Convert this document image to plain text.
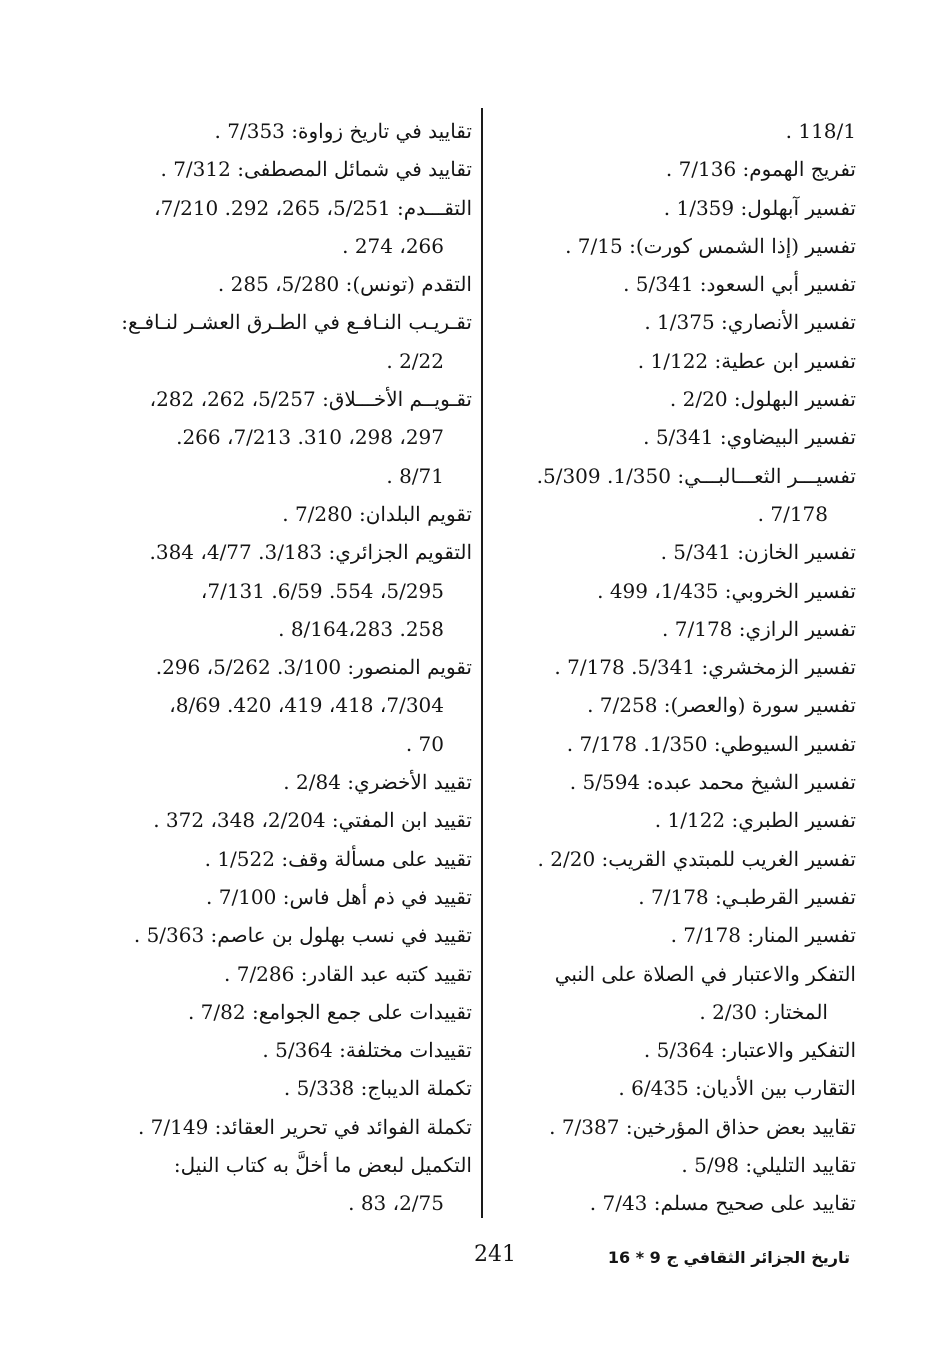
118/1 .
تفريج الهموم: 7/136 .
تفسير آبهلول: 1/359 .
تفسير (إذا الشمس كورت): 7/15 .
تفسير أبي السعود: 5/341 .
تفسير الأنصاري: 1/375 .
تفسير ابن عطية: 1/122 .
تفسير البهلول: 2/20 .
تفسير البيضاوي: 5/341 .
تفسيـــر الثعـــالبـــي: 1/350. 5/309.

7/178 .
تفسير الخازن: 5/341 .
تفسير الخروبي: 1/435، 499 .
تفسير الرازي: 7/178 .
تفسير الزمخشري: 5/341. 7/178 .
تفسير سورة (والعصر): 7/258 .
تفسير السيوطي: 1/350. 7/178 .
تفسير الشيخ محمد عبده: 5/594 .
تفسير الطبري: 1/122 .
تفسير الغريب للمبتدي القريب: 2/20 .
تفسير القرطبـي: 7/178 .
تفسير المنار: 7/178 .
التفكر والاعتبار في الصلاة على النبي

المختار: 2/30 .
التفكير والاعتبار: 5/364 .
التقارب بين الأديان: 6/435 .
تقاييد بعض حذاق المؤرخين: 7/387 .
تقاييد التليلي: 5/98 .
تقاييد على صحيح مسلم: 7/43 .
تقاييد في تاريخ زواوة: 7/353 .
تقاييد في شمائل المصطفى: 7/312 .
التقـــدم: 5/251، 265، 292. 7/210،

266، 274 .
التقدم (تونس): 5/280، 285 .
تقـريـب النـافـع في الطـرق العشـر لنـافـع:

2/22 .
تقـويــم الأخـــلاق: 5/257، 262، 282،

297، 298، 310. 7/213، 266.
8/71 .
تقويم البلدان: 7/280 .
التقويم الجزائري: 3/183. 4/77، 384.

5/295، 554. 6/59. 7/131،
258. 8/164،283 .
تقويم المنصور: 3/100. 5/262، 296.

7/304، 418، 419، 420. 8/69،
70 .
تقييد الأخضري: 2/84 .
تقييد ابن المفتي: 2/204، 348، 372 .
تقييد على مسألة وقف: 1/522 .
تقييد في ذم أهل فاس: 7/100 .
تقييد في نسب بهلول بن عاصم: 5/363 .
تقييد كتبه عبد القادر: 7/286 .
تقييدات على جمع الجوامع: 7/82 .
تقييدات مختلفة: 5/364 .
تكملة الديباج: 5/338 .
تكملة الفوائد في تحرير العقائد: 7/149 .
التكميل لبعض ما أخلَّ به كتاب النيل:

2/75، 83 .
241	تاريخ الجزائر الثقافي ج 9 * 16
